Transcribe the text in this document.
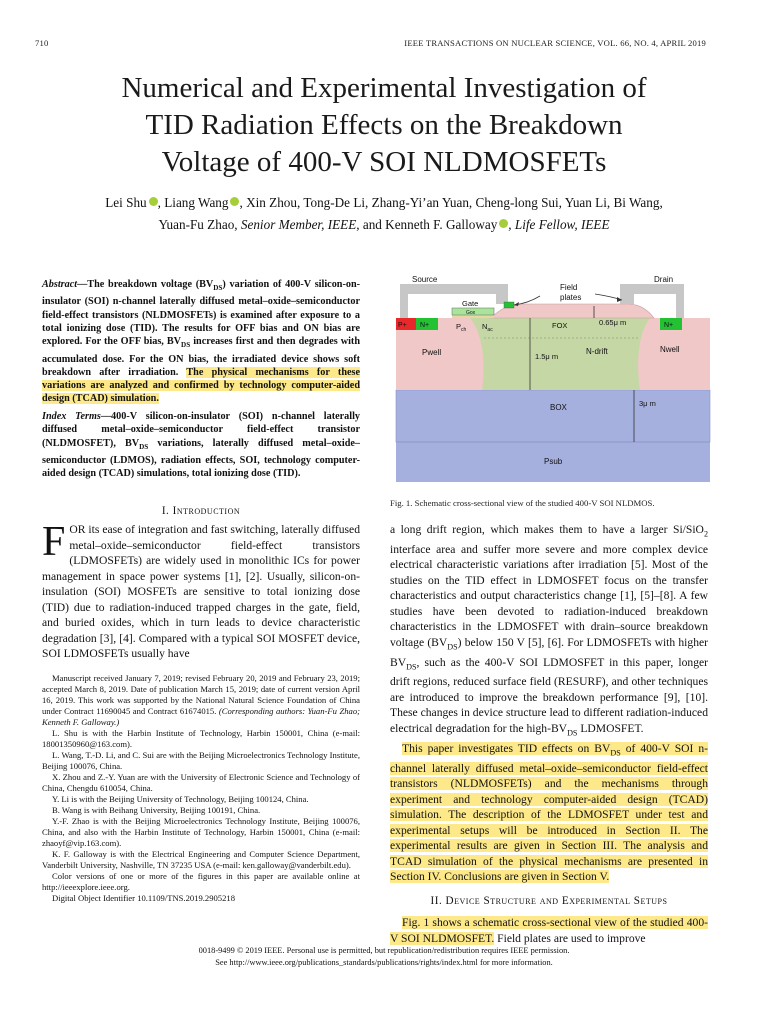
710	IEEE TRANSACTIONS ON NUCLEAR SCIENCE, VOL. 66, NO. 4, APRIL 2019
Numerical and Experimental Investigation of
TID Radiation Effects on the Breakdown
Voltage of 400-V SOI NLDMOSFETs
Lei Shu , Liang Wang , Xin Zhou, Tong-De Li, Zhang-Yi’an Yuan, Cheng-long Sui, Yuan Li, Bi Wang,
Yuan-Fu Zhao, Senior Member, IEEE, and Kenneth F. Galloway , Life Fellow, IEEE
Abstract—The breakdown voltage $(BV_{DS})$ variation of 400-V silicon-on-insulator (SOI) n-channel laterally diffused metal–oxide–semiconductor field-effect transistors (NLDMOSFETs) is examined after exposure to a total ionizing dose (TID). The results for OFF bias and ON bias are explored. For the OFF bias, $BV_{DS}$ increases first and then degrades with accumulated dose. For the ON bias, the irradiated device shows soft breakdown after irradiation. The physical mechanisms for these variations are analyzed and confirmed by technology computer-aided design (TCAD) simulation.
Index Terms—400-V silicon-on-insulator (SOI) n-channel laterally diffused metal–oxide–semiconductor field-effect transistor (NLDMOSFET), $BV_{DS}$ variations, laterally diffused metal–oxide–semiconductor (LDMOS), radiation effects, SOI, technology computer-aided design (TCAD) simulations, total ionizing dose (TID).
I. Introduction
FOR its ease of integration and fast switching, laterally diffused metal–oxide–semiconductor field-effect transistors (LDMOSFETs) are widely used in monolithic ICs for power management in space power systems [1], [2]. Usually, silicon-on-insulation (SOI) MOSFETs are sensitive to total ionizing dose (TID) due to radiation-induced trapped charges in the gate, field, and buried oxides, which in turn leads to device characteristic degradation [3], [4]. Compared with a typical SOI MOSFET device, SOI LDMOSFETs usually have

Manuscript received January 7, 2019; revised February 20, 2019 and February 23, 2019; accepted March 8, 2019. Date of publication March 15, 2019; date of current version April 16, 2019. This work was supported by the National Natural Science Foundation of China under Contract 11690045 and Contract 61674015. (Corresponding authors: Yuan-Fu Zhao; Kenneth F. Galloway.)

L. Shu is with the Harbin Institute of Technology, Harbin 150001, China (e-mail: 18001350960@163.com).

L. Wang, T.-D. Li, and C. Sui are with the Beijing Microelectronics Technology Institute, Beijing 100076, China.

X. Zhou and Z.-Y. Yuan are with the University of Electronic Science and Technology of China, Chengdu 610054, China.

Y. Li is with the Beijing University of Technology, Beijing 100124, China.

B. Wang is with Beihang University, Beijing 100191, China.

Y.-F. Zhao is with the Beijing Microelectronics Technology Institute, Beijing 100076, China, and also with the Harbin Institute of Technology, Harbin 150001, China (e-mail: zhaoyf@vip.163.com).

K. F. Galloway is with the Electrical Engineering and Computer Science Department, Vanderbilt University, Nashville, TN 37235 USA (e-mail: ken.galloway@vanderbilt.edu).

Color versions of one or more of the figures in this paper are available online at http://ieeexplore.ieee.org.

Digital Object Identifier 10.1109/TNS.2019.2905218

Source	Drain
Field
plates
Gate
Gox
P+ N+	$P_{ch}$ $N_{ac}$	FOX	0.65μ m	N+
Pwell	N-drift
1.5μ m
Nwell
BOX	3μ m
Psub
Fig. 1. Schematic cross-sectional view of the studied 400-V SOI NLDMOS.
a long drift region, which makes them to have a larger Si/SiO$_2$ interface area and suffer more severe and more complex device electrical characteristic variations after irradiation [5]. Most of the studies on the TID effect in LDMOSFET focus on the transfer characteristics and output characteristics change [1], [5]–[8]. A few studies have been devoted to radiation-induced breakdown characteristics in the LDMOSFET with drain–source breakdown voltage $(BV_{DS})$ below 150 V [5], [6]. For LDMOSFETs with higher $BV_{DS}$, such as the 400-V SOI LDMOSFET in this paper, longer drift regions, reduced surface field (RESURF), and other techniques are introduced to improve the breakdown performance [9], [10]. These changes in device structure lead to different radiation-induced electrical degradation for the high-$BV_{DS}$ LDMOSFET.
This paper investigates TID effects on $BV_{DS}$ of 400-V SOI n-channel laterally diffused metal–oxide–semiconductor field-effect transistors (NLDMOSFETs) and the mechanisms through experiment and technology computer-aided design (TCAD) simulation. The description of the LDMOSFET under test and experimental setups will be introduced in Section II. The experimental results are given in Section III. The analysis and TCAD simulation of the physical mechanisms are presented in Section IV. Conclusions are given in Section V.
II. Device Structure and Experimental Setups
Fig. 1 shows a schematic cross-sectional view of the studied 400-V SOI NLDMOSFET. Field plates are used to improve
0018-9499 © 2019 IEEE. Personal use is permitted, but republication/redistribution requires IEEE permission.
See http://www.ieee.org/publications_standards/publications/rights/index.html for more information.
